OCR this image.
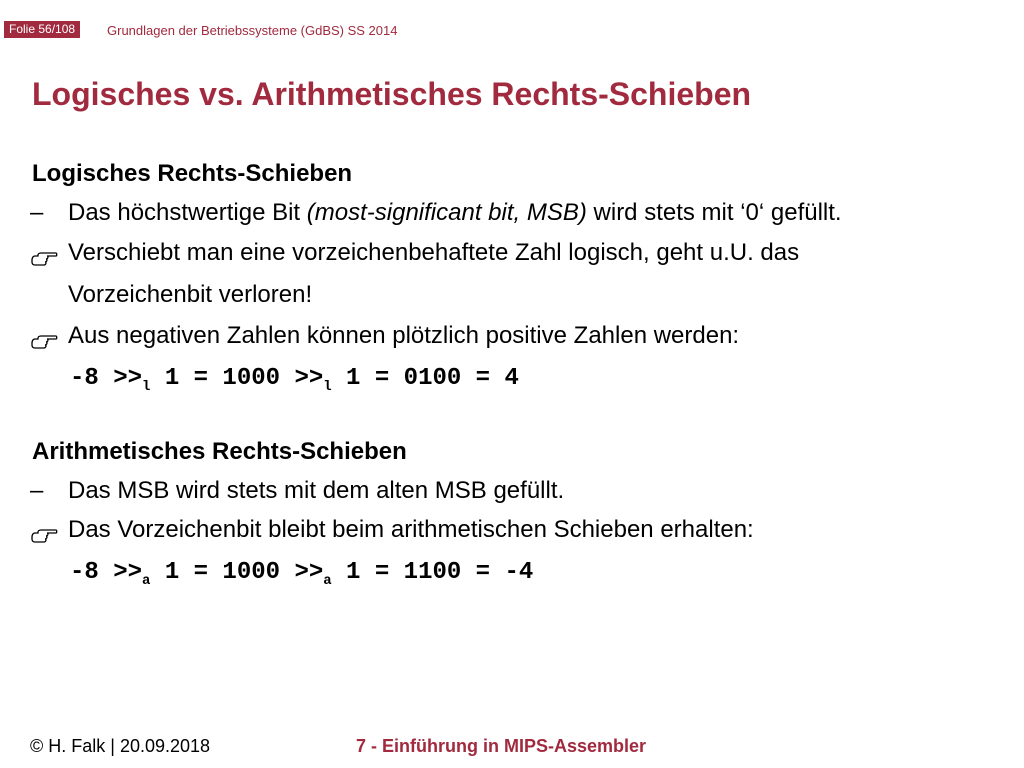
Folie 56/108	Grundlagen der Betriebssysteme (GdBS) SS 2014
Logisches vs. Arithmetisches Rechts-Schieben
Logisches Rechts-Schieben
– Das höchstwertige Bit (most-significant bit, MSB) wird stets mit ‘0‘ gefüllt.
Verschiebt man eine vorzeichenbehaftete Zahl logisch, geht u.U. das
Vorzeichenbit verloren!
Aus negativen Zahlen können plötzlich positive Zahlen werden:
$-8 >>_l$ $1 = 1000 >>_l$ 1 = 0100 = 4
Arithmetisches Rechts-Schieben
– Das MSB wird stets mit dem alten MSB gefüllt.
Das Vorzeichenbit bleibt beim arithmetischen Schieben erhalten:
$-8 >>_a$ $1 = 1000 >>_a$ 1 = 1100 = -4
© H. Falk | 20.09.2018	7 - Einführung in MIPS-Assembler
